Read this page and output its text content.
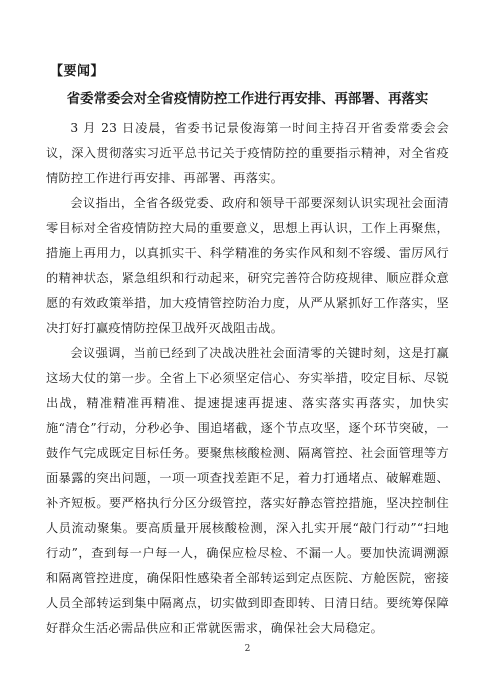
【要闻】
省委常委会对全省疫情防控工作进行再安排、再部署、再落实

3 月 23 日凌晨，省委书记景俊海第一时间主持召开省委常委会会议，深入贯彻落实习近平总书记关于疫情防控的重要指示精神，对全省疫情防控工作进行再安排、再部署、再落实。

会议指出，全省各级党委、政府和领导干部要深刻认识实现社会面清零目标对全省疫情防控大局的重要意义，思想上再认识，工作上再聚焦，措施上再用力，以真抓实干、科学精准的务实作风和刻不容缓、雷厉风行的精神状态，紧急组织和行动起来，研究完善符合防疫规律、顺应群众意愿的有效政策举措，加大疫情管控防治力度，从严从紧抓好工作落实，坚决打好打赢疫情防控保卫战歼灭战阻击战。

会议强调，当前已经到了决战决胜社会面清零的关键时刻，这是打赢这场大仗的第一步。全省上下必须坚定信心、夯实举措，咬定目标、尽锐出战，精准精准再精准、提速提速再提速、落实落实再落实，加快实施“清仓”行动，分秒必争、围追堵截，逐个节点攻坚，逐个环节突破，一鼓作气完成既定目标任务。要聚焦核酸检测、隔离管控、社会面管理等方面暴露的突出问题，一项一项查找差距不足，着力打通堵点、破解难题、补齐短板。要严格执行分区分级管控，落实好静态管控措施，坚决控制住人员流动聚集。要高质量开展核酸检测，深入扎实开展“敲门行动”“扫地行动”，查到每一户每一人，确保应检尽检、不漏一人。要加快流调溯源和隔离管控进度，确保阳性感染者全部转运到定点医院、方舱医院，密接人员全部转运到集中隔离点，切实做到即查即转、日清日结。要统筹保障好群众生活必需品供应和正常就医需求，确保社会大局稳定。

2
